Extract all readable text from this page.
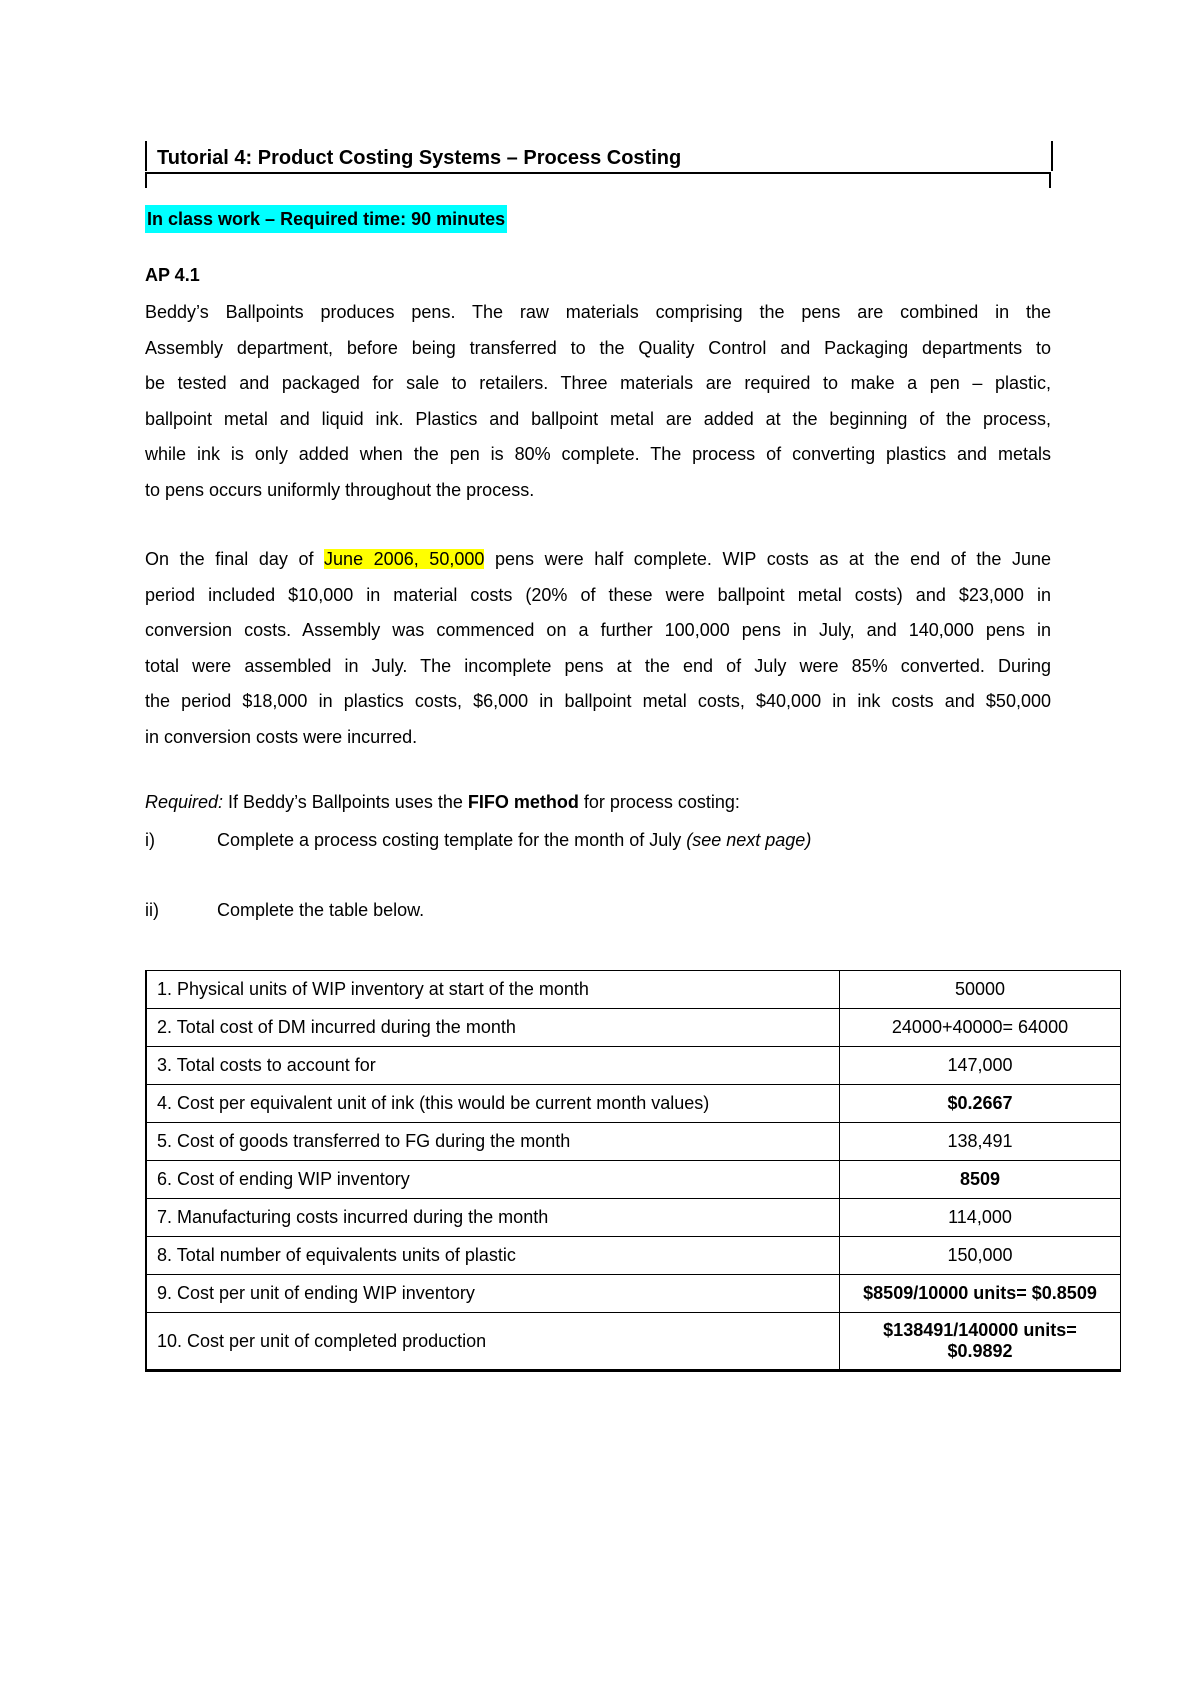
Tutorial 4: Product Costing Systems – Process Costing
In class work – Required time: 90 minutes
AP 4.1
Beddy’s Ballpoints produces pens. The raw materials comprising the pens are combined in the
Assembly department, before being transferred to the Quality Control and Packaging departments to
be tested and packaged for sale to retailers. Three materials are required to make a pen – plastic,
ballpoint metal and liquid ink. Plastics and ballpoint metal are added at the beginning of the process,
while ink is only added when the pen is 80% complete. The process of converting plastics and metals
to pens occurs uniformly throughout the process.
On the final day of June 2006, 50,000 pens were half complete. WIP costs as at the end of the June
period included $10,000 in material costs (20% of these were ballpoint metal costs) and $23,000 in
conversion costs. Assembly was commenced on a further 100,000 pens in July, and 140,000 pens in
total were assembled in July. The incomplete pens at the end of July were 85% converted. During
the period $18,000 in plastics costs, $6,000 in ballpoint metal costs, $40,000 in ink costs and $50,000
in conversion costs were incurred.
Required: If Beddy’s Ballpoints uses the FIFO method for process costing:
i)	Complete a process costing template for the month of July (see next page)
ii)	Complete the table below.
1. Physical units of WIP inventory at start of the month	50000
2. Total cost of DM incurred during the month	24000+40000= 64000
3. Total costs to account for	147,000
4. Cost per equivalent unit of ink (this would be current month values)	$0.2667
5. Cost of goods transferred to FG during the month	138,491
6. Cost of ending WIP inventory	8509
7. Manufacturing costs incurred during the month	114,000
8. Total number of equivalents units of plastic	150,000
9. Cost per unit of ending WIP inventory	$8509/10000 units= $0.8509
10. Cost per unit of completed production	$138491/140000 units=
$0.9892
